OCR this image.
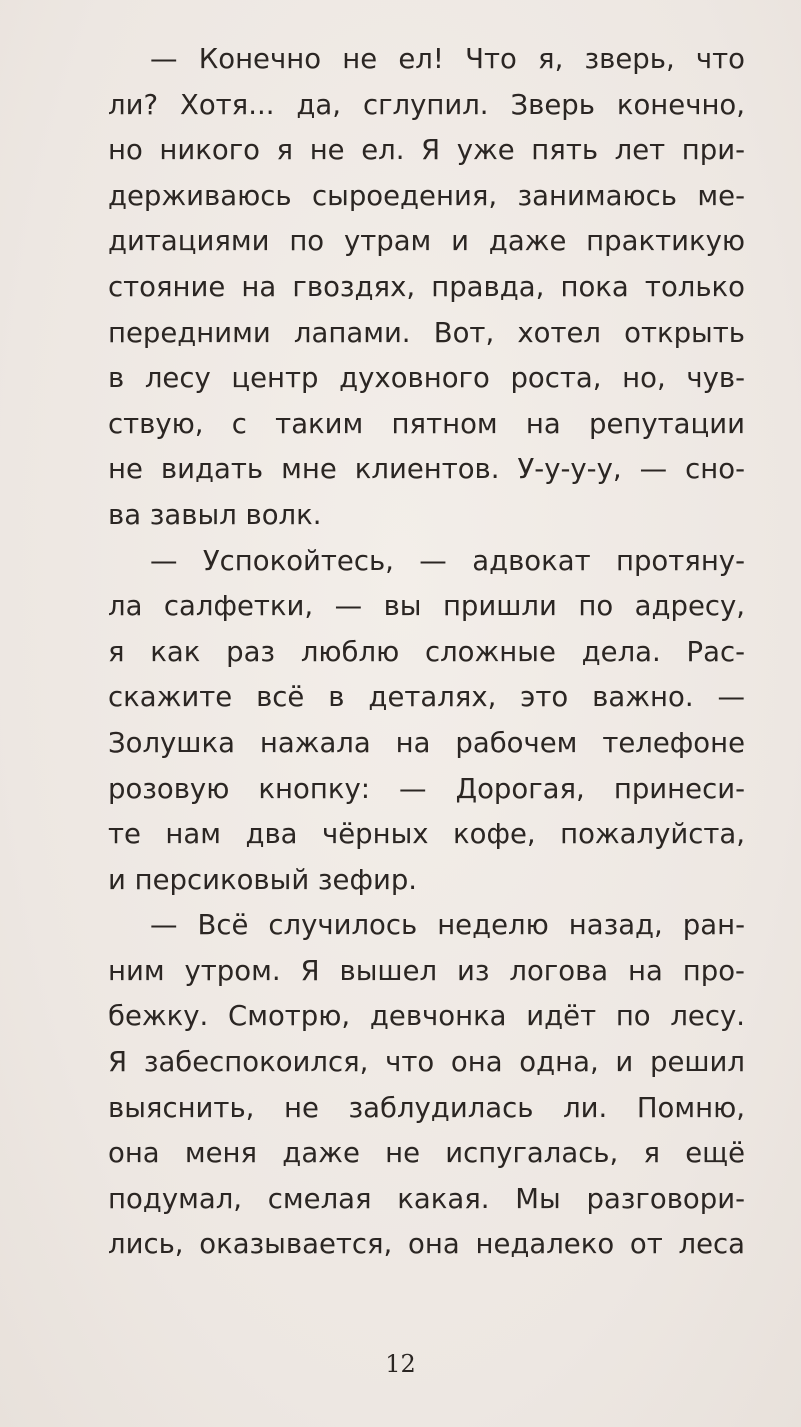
— Конечно не ел! Что я, зверь, что
ли? Хотя... да, сглупил. Зверь конечно,
но никого я не ел. Я уже пять лет при-
держиваюсь сыроедения, занимаюсь ме-
дитациями по утрам и даже практикую
стояние на гвоздях, правда, пока только
передними лапами. Вот, хотел открыть
в лесу центр духовного роста, но, чув-
ствую, с таким пятном на репутации
не видать мне клиентов. У-у-у-у, — сно-
ва завыл волк.
— Успокойтесь, — адвокат протяну-
ла салфетки, — вы пришли по адресу,
я как раз люблю сложные дела. Рас-
скажите всё в деталях, это важно. —
Золушка нажала на рабочем телефоне
розовую кнопку: — Дорогая, принеси-
те нам два чёрных кофе, пожалуйста,
и персиковый зефир.
— Всё случилось неделю назад, ран-
ним утром. Я вышел из логова на про-
бежку. Смотрю, девчонка идёт по лесу.
Я забеспокоился, что она одна, и решил
выяснить, не заблудилась ли. Помню,
она меня даже не испугалась, я ещё
подумал, смелая какая. Мы разговори-
лись, оказывается, она недалеко от леса
12
